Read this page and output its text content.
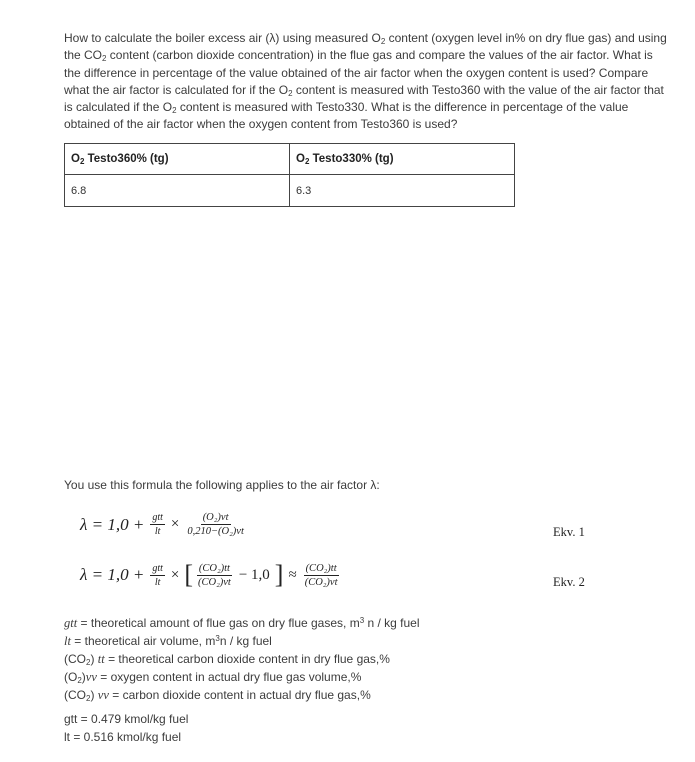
How to calculate the boiler excess air (λ) using measured $O_2$ content (oxygen level in% on dry flue gas) and using the $CO_2$ content (carbon dioxide concentration) in the flue gas and compare the values of the air factor. What is the difference in percentage of the value obtained of the air factor when the oxygen content is used? Compare what the air factor is calculated for if the $O_2$ content is measured with Testo360 with the value of the air factor that is calculated if the $O_2$ content is measured with Testo330. What is the difference in percentage of the value obtained of the air factor when the oxygen content from Testo360 is used?

$O_2$ Testo360% (tg)	$O_2$ Testo330% (tg)
6.8	6.3

You use this formula the following applies to the air factor λ:

$\lambda = 1,0 + \frac{\text{gtt}}{lt} \times \frac{\text{(O₂)vt}}{\text{0,210−(O₂)vt}}$	Ekv. 1
$\lambda = 1,0 + \frac{\text{gtt}}{lt}$ × [ $\frac{\text{(CO₂)tt}}{\text{(CO₂)vt}} - 1,0$ ] ≈ $\frac{\text{(CO₂)tt}}{\text{(CO₂)vt}}$	Ekv. 2
gtt = theoretical amount of flue gas on dry flue gases, $m^3$ n / kg fuel
lt = theoretical air volume, $m^3n$ / kg fuel
$(CO_2)$ tt = theoretical carbon dioxide content in dry flue gas,%
$(O_2)vv$ = oxygen content in actual dry flue gas volume,%
$(CO_2)$ vv = carbon dioxide content in actual dry flue gas,%
gtt = 0.479 kmol/kg fuel
lt = 0.516 kmol/kg fuel
